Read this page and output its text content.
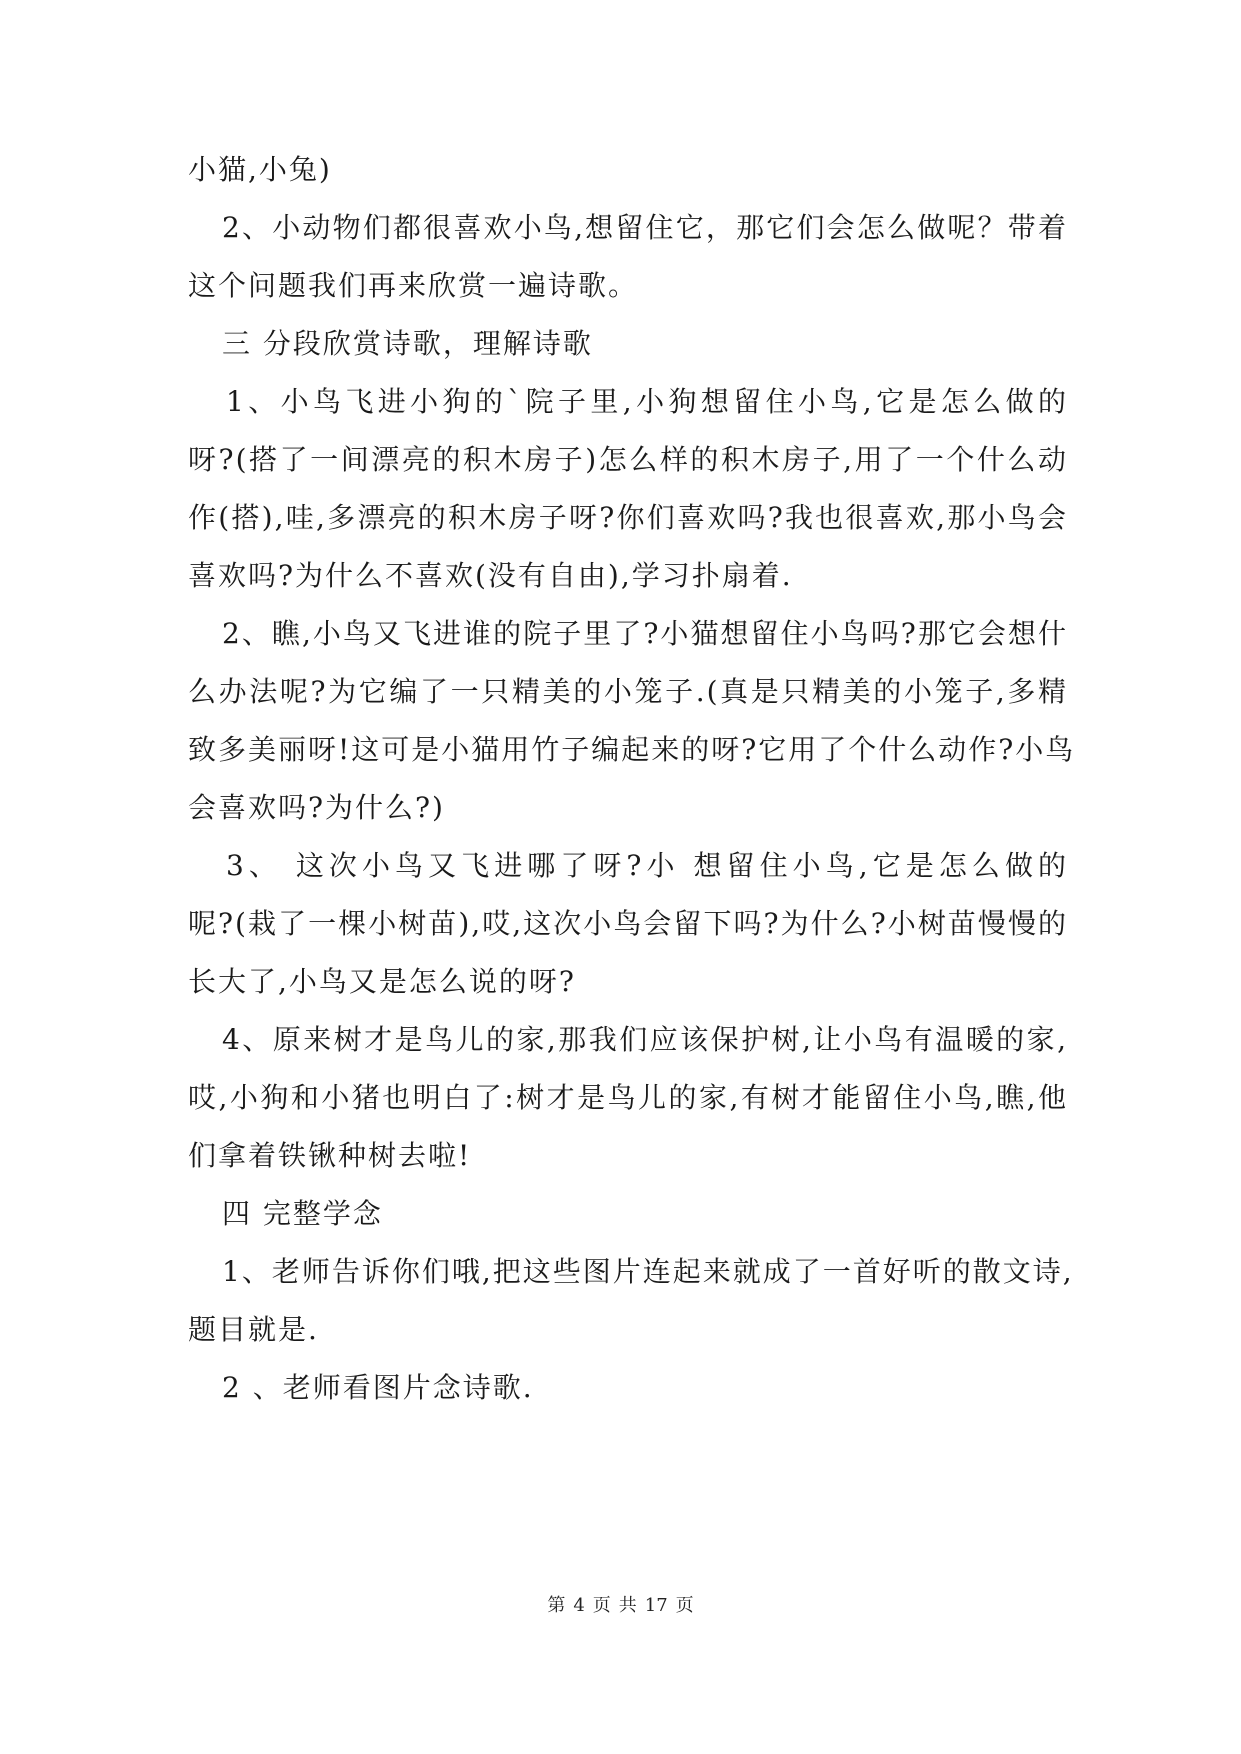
小猫,小兔)
2、小动物们都很喜欢小鸟,想留住它，那它们会怎么做呢？带着
这个问题我们再来欣赏一遍诗歌。
三 分段欣赏诗歌，理解诗歌
1、小鸟飞进小狗的`院子里,小狗想留住小鸟,它是怎么做的
呀?(搭了一间漂亮的积木房子)怎么样的积木房子,用了一个什么动
作(搭),哇,多漂亮的积木房子呀?你们喜欢吗?我也很喜欢,那小鸟会
喜欢吗?为什么不喜欢(没有自由),学习扑扇着.
2、瞧,小鸟又飞进谁的院子里了?小猫想留住小鸟吗?那它会想什
么办法呢?为它编了一只精美的小笼子.(真是只精美的小笼子,多精
致多美丽呀!这可是小猫用竹子编起来的呀?它用了个什么动作?小鸟
会喜欢吗?为什么?)
3、 这次小鸟又飞进哪了呀?小 想留住小鸟,它是怎么做的
呢?(栽了一棵小树苗),哎,这次小鸟会留下吗?为什么?小树苗慢慢的
长大了,小鸟又是怎么说的呀?
4、原来树才是鸟儿的家,那我们应该保护树,让小鸟有温暖的家,
哎,小狗和小猪也明白了:树才是鸟儿的家,有树才能留住小鸟,瞧,他
们拿着铁锹种树去啦!
四 完整学念
1、老师告诉你们哦,把这些图片连起来就成了一首好听的散文诗,
题目就是.
2 、老师看图片念诗歌.
第 4 页 共 17 页
